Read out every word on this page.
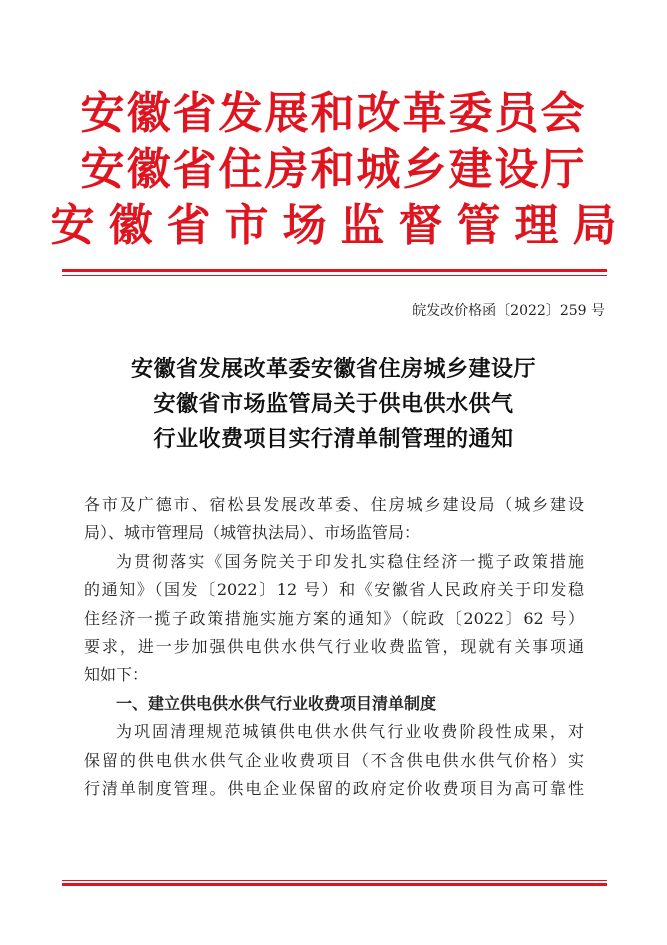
安徽省发展和改革委员会
安徽省住房和城乡建设厅
安徽省市场监督管理局
皖发改价格函〔2022〕259 号
安徽省发展改革委安徽省住房城乡建设厅
安徽省市场监管局关于供电供水供气
行业收费项目实行清单制管理的通知
各市及广德市、宿松县发展改革委、住房城乡建设局（城乡建设
局）、城市管理局（城管执法局）、市场监管局：
为贯彻落实《国务院关于印发扎实稳住经济一揽子政策措施
的通知》（国发〔2022〕12 号）和《安徽省人民政府关于印发稳
住经济一揽子政策措施实施方案的通知》（皖政〔2022〕62 号）
要求，进一步加强供电供水供气行业收费监管，现就有关事项通
知如下：
一、建立供电供水供气行业收费项目清单制度
为巩固清理规范城镇供电供水供气行业收费阶段性成果，对
保留的供电供水供气企业收费项目（不含供电供水供气价格）实
行清单制度管理。供电企业保留的政府定价收费项目为高可靠性
